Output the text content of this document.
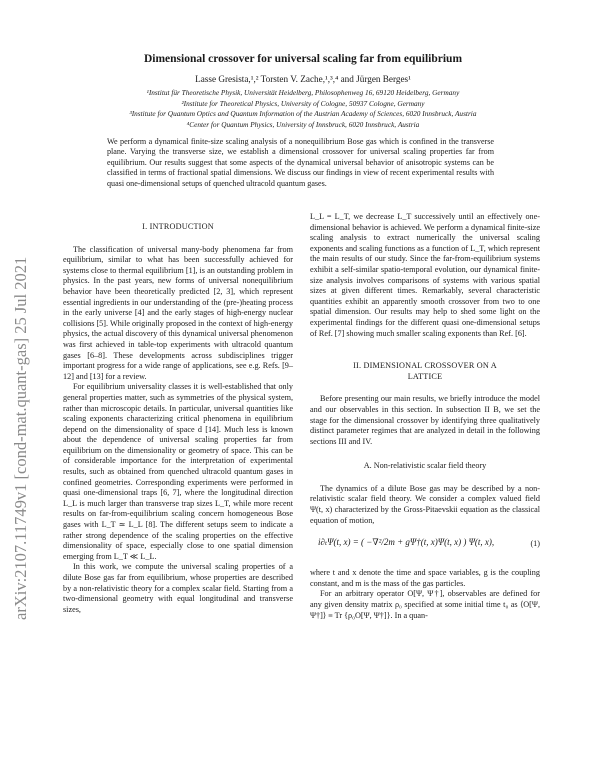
arXiv:2107.11749v1 [cond-mat.quant-gas] 25 Jul 2021
Dimensional crossover for universal scaling far from equilibrium
Lasse Gresista,¹,² Torsten V. Zache,¹,³,⁴ and Jürgen Berges¹
¹Institut für Theoretische Physik, Universität Heidelberg, Philosophenweg 16, 69120 Heidelberg, Germany
²Institute for Theoretical Physics, University of Cologne, 50937 Cologne, Germany
³Institute for Quantum Optics and Quantum Information of the Austrian Academy of Sciences, 6020 Innsbruck, Austria
⁴Center for Quantum Physics, University of Innsbruck, 6020 Innsbruck, Austria
We perform a dynamical finite-size scaling analysis of a nonequilibrium Bose gas which is confined in the transverse plane. Varying the transverse size, we establish a dimensional crossover for universal scaling properties far from equilibrium. Our results suggest that some aspects of the dynamical universal behavior of anisotropic systems can be classified in terms of fractional spatial dimensions. We discuss our findings in view of recent experimental results with quasi one-dimensional setups of quenched ultracold quantum gases.
I. INTRODUCTION

The classification of universal many-body phenomena far from equilibrium, similar to what has been successfully achieved for systems close to thermal equilibrium [1], is an outstanding problem in physics. In the past years, new forms of universal nonequilibrium behavior have been theoretically predicted [2, 3], which represent essential ingredients in our understanding of the (pre-)heating process in the early universe [4] and the early stages of high-energy nuclear collisions [5]. While originally proposed in the context of high-energy physics, the actual discovery of this dynamical universal phenomenon was first achieved in table-top experiments with ultracold quantum gases [6–8]. These developments across subdisciplines trigger important progress for a wide range of applications, see e.g. Refs. [9–12] and [13] for a review.

For equilibrium universality classes it is well-established that only general properties matter, such as symmetries of the physical system, rather than microscopic details. In particular, universal quantities like scaling exponents characterizing critical phenomena in equilibrium depend on the dimensionality of space d [14]. Much less is known about the dependence of universal scaling properties far from equilibrium on the dimensionality or geometry of space. This can be of considerable importance for the interpretation of experimental results, such as obtained from quenched ultracold quantum gases in confined geometries. Corresponding experiments were performed in quasi one-dimensional traps [6, 7], where the longitudinal direction L_L is much larger than transverse trap sizes L_T, while more recent results on far-from-equilibrium scaling concern homogeneous Bose gases with L_T ≃ L_L [8]. The different setups seem to indicate a rather strong dependence of the scaling properties on the effective dimensionality of space, especially close to one spatial dimension emerging from L_T ≪ L_L.

In this work, we compute the universal scaling properties of a dilute Bose gas far from equilibrium, whose properties are described by a non-relativistic theory for a complex scalar field. Starting from a two-dimensional geometry with equal longitudinal and transverse sizes,

L_L = L_T, we decrease L_T successively until an effectively one-dimensional behavior is achieved. We perform a dynamical finite-size scaling analysis to extract numerically the universal scaling exponents and scaling functions as a function of L_T, which represent the main results of our study. Since the far-from-equilibrium systems exhibit a self-similar spatio-temporal evolution, our dynamical finite-size analysis involves comparisons of systems with various spatial sizes at given different times. Remarkably, several characteristic quantities exhibit an apparently smooth crossover from two to one spatial dimension. Our results may help to shed some light on the experimental findings for the different quasi one-dimensional setups of Ref. [7] showing much smaller scaling exponents than Ref. [6].

II. DIMENSIONAL CROSSOVER ON A
LATTICE

Before presenting our main results, we briefly introduce the model and our observables in this section. In subsection II B, we set the stage for the dimensional crossover by identifying three qualitatively distinct parameter regimes that are analyzed in detail in the following sections III and IV.

A. Non-relativistic scalar field theory

The dynamics of a dilute Bose gas may be described by a non-relativistic scalar field theory. We consider a complex valued field Ψ(t, x) characterized by the Gross-Pitaevskii equation as the classical equation of motion,

i∂ₜΨ(t, x) = ( −∇²/2m + gΨ†(t, x)Ψ(t, x) ) Ψ(t, x),	(1)

where t and x denote the time and space variables, g is the coupling constant, and m is the mass of the gas particles.

For an arbitrary operator O[Ψ, Ψ†], observables are defined for any given density matrix ρ₀ specified at some initial time t₀ as ⟨O[Ψ, Ψ†]⟩ ≡ Tr {ρ₀O[Ψ, Ψ†]}. In a quan-
